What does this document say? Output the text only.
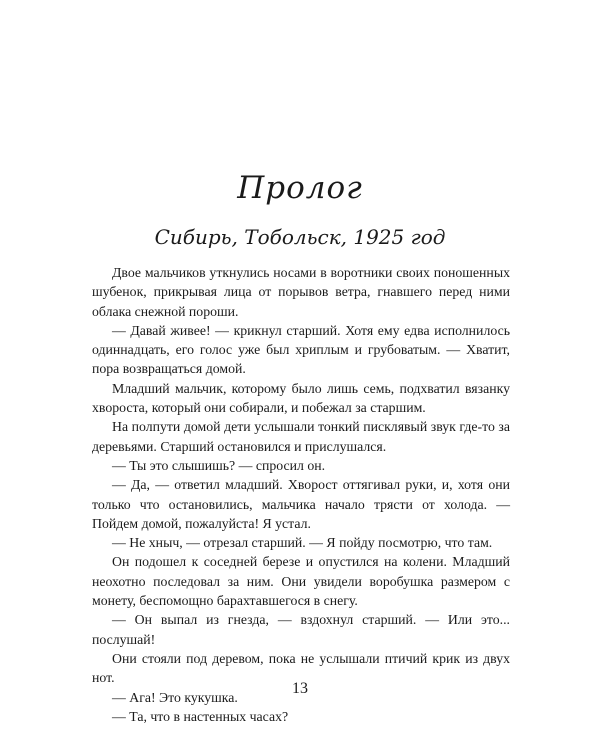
Пролог
Сибирь, Тобольск, 1925 год

Двое мальчиков уткнулись носами в воротники своих поношенных шубенок, прикрывая лица от порывов ветра, гнавшего перед ними облака снежной пороши.

— Давай живее! — крикнул старший. Хотя ему едва исполнилось одиннадцать, его голос уже был хриплым и грубоватым. — Хватит, пора возвращаться домой.

Младший мальчик, которому было лишь семь, подхватил вязанку хвороста, который они собирали, и побежал за старшим.

На полпути домой дети услышали тонкий писклявый звук где-то за деревьями. Старший остановился и прислушался.

— Ты это слышишь? — спросил он.

— Да, — ответил младший. Хворост оттягивал руки, и, хотя они только что остановились, мальчика начало трясти от холода. — Пойдем домой, пожалуйста! Я устал.

— Не хныч, — отрезал старший. — Я пойду посмотрю, что там.

Он подошел к соседней березе и опустился на колени. Младший неохотно последовал за ним. Они увидели воробушка размером с монету, беспомощно барахтавшегося в снегу.

— Он выпал из гнезда, — вздохнул старший. — Или это... послушай!

Они стояли под деревом, пока не услышали птичий крик из двух нот.

— Ага! Это кукушка.

— Та, что в настенных часах?

13
